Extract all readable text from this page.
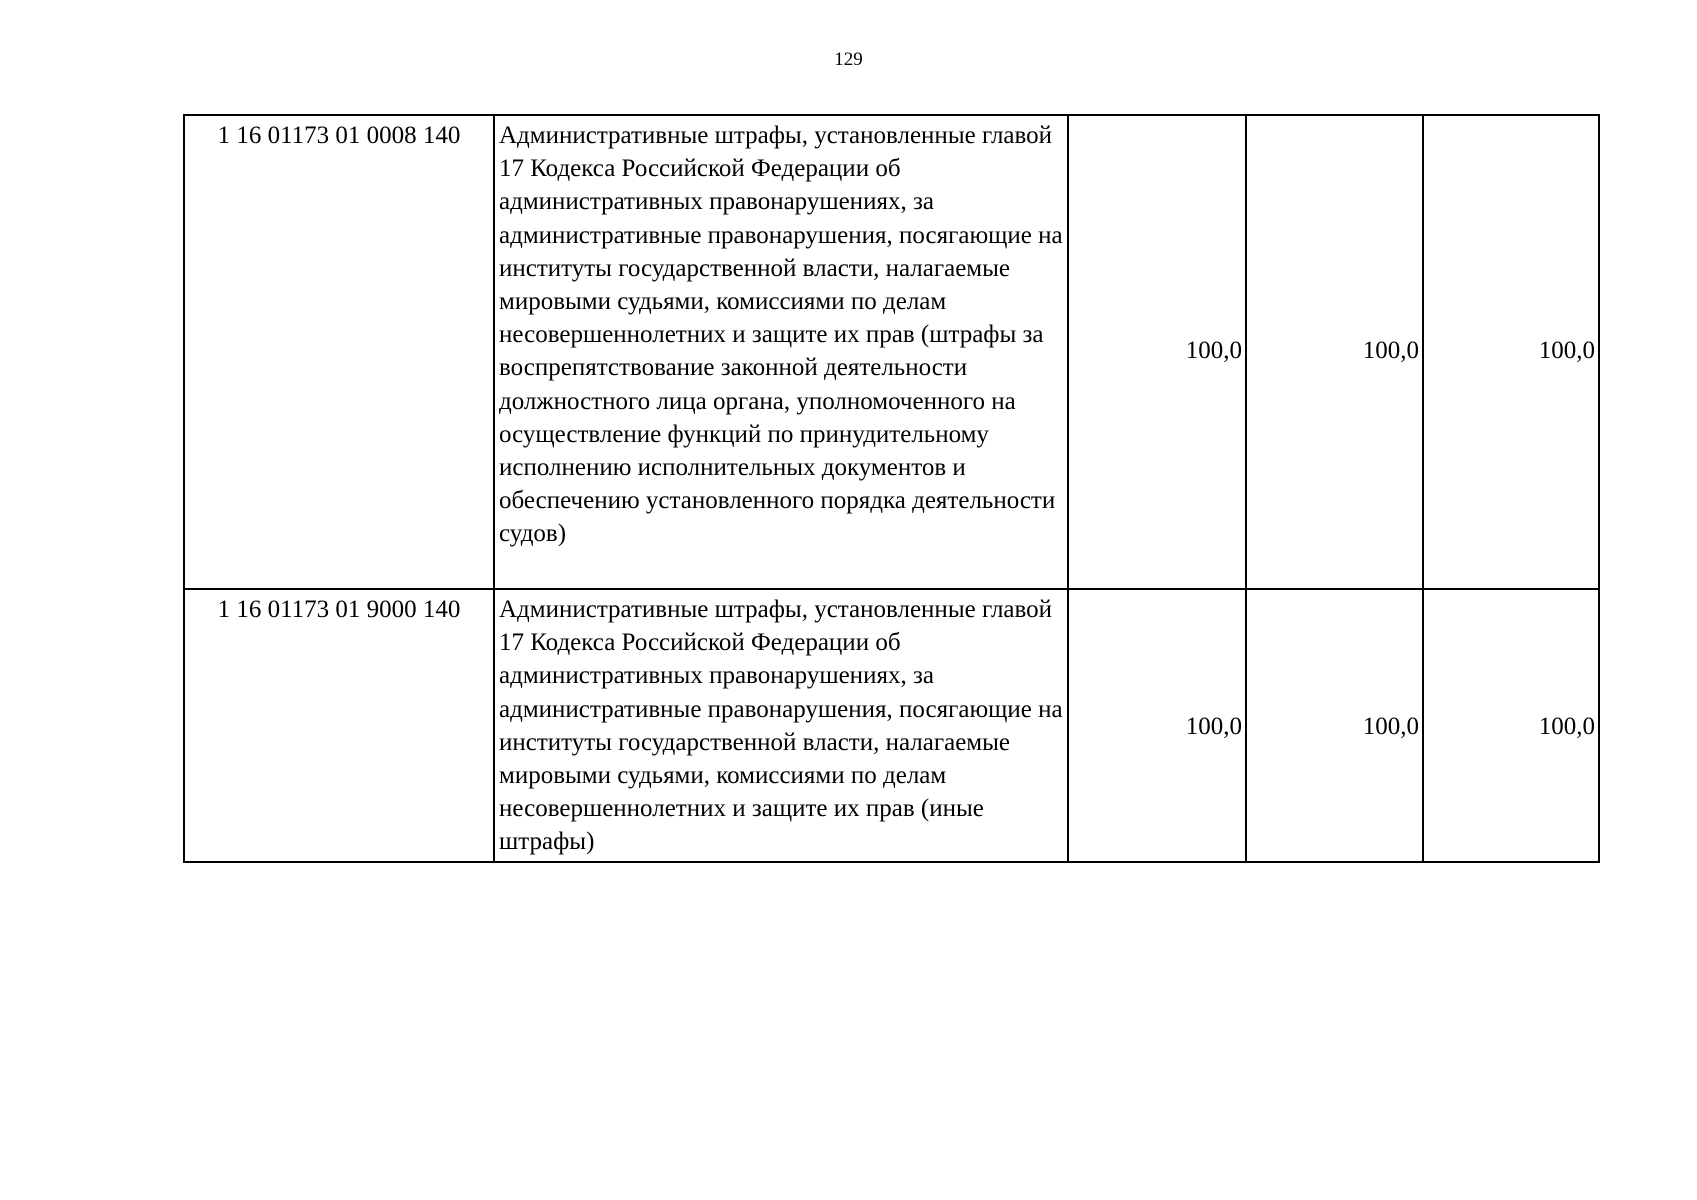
129
1 16 01173 01 0008 140	Административные штрафы, установленные главой 17 Кодекса Российской Федерации об административных правонарушениях, за административные правонарушения, посягающие на институты государственной власти, налагаемые мировыми судьями, комиссиями по делам несовершеннолетних и защите их прав (штрафы за воспрепятствование законной деятельности должностного лица органа, уполномоченного на осуществление функций по принудительному исполнению исполнительных документов и обеспечению установленного порядка деятельности судов)	100,0	100,0	100,0
1 16 01173 01 9000 140	Административные штрафы, установленные главой 17 Кодекса Российской Федерации об административных правонарушениях, за административные правонарушения, посягающие на институты государственной власти, налагаемые мировыми судьями, комиссиями по делам несовершеннолетних и защите их прав (иные штрафы)	100,0	100,0	100,0
